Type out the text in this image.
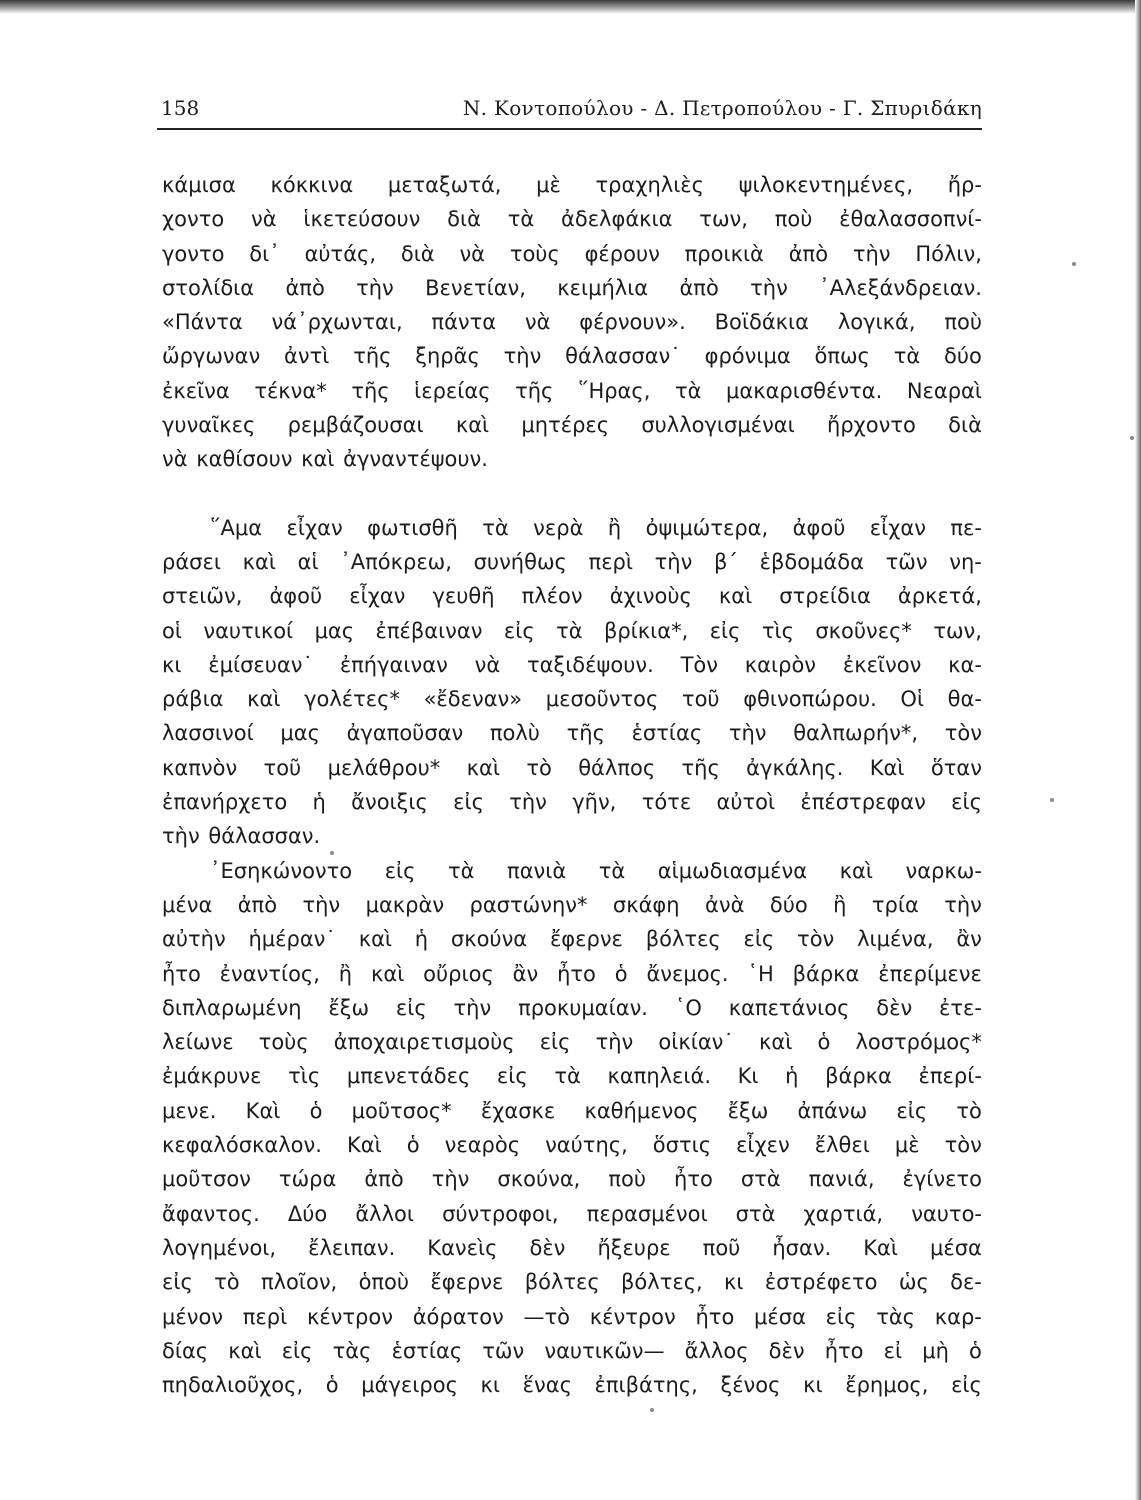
158	Ν. Κοντοπούλου - Δ. Πετροπούλου - Γ. Σπυριδάκη
κάμισα κόκκινα μεταξωτά, μὲ τραχηλιὲς ψιλοκεντημένες, ἤρ-
χοντο νὰ ἱκετεύσουν διὰ τὰ ἀδελφάκια των, ποὺ ἐθαλασσοπνί-
γοντο δι᾿ αὐτάς, διὰ νὰ τοὺς φέρουν προικιὰ ἀπὸ τὴν Πόλιν,
στολίδια ἀπὸ τὴν Βενετίαν, κειμήλια ἀπὸ τὴν ᾿Αλεξάνδρειαν.
«Πάντα νά᾿ρχωνται, πάντα νὰ φέρνουν». Βοϊδάκια λογικά, ποὺ
ὤργωναν ἀντὶ τῆς ξηρᾶς τὴν θάλασσαν˙ φρόνιμα ὅπως τὰ δύο
ἐκεῖνα τέκνα* τῆς ἱερείας τῆς ῞Ηρας, τὰ μακαρισθέντα. Νεαραὶ
γυναῖκες ρεμβάζουσαι καὶ μητέρες συλλογισμέναι ἤρχοντο διὰ
νὰ καθίσουν καὶ ἀγναντέψουν.
῞Αμα εἶχαν φωτισθῆ τὰ νερὰ ἢ ὀψιμώτερα, ἀφοῦ εἶχαν πε-
ράσει καὶ αἱ ᾿Απόκρεω, συνήθως περὶ τὴν β´ ἑβδομάδα τῶν νη-
στειῶν, ἀφοῦ εἶχαν γευθῆ πλέον ἀχινοὺς καὶ στρείδια ἀρκετά,
οἱ ναυτικοί μας ἐπέβαιναν εἰς τὰ βρίκια*, εἰς τὶς σκοῦνες* των,
κι ἐμίσευαν˙ ἐπήγαιναν νὰ ταξιδέψουν. Τὸν καιρὸν ἐκεῖνον κα-
ράβια καὶ γολέτες* «ἔδεναν» μεσοῦντος τοῦ φθινοπώρου. Οἱ θα-
λασσινοί μας ἀγαποῦσαν πολὺ τῆς ἑστίας τὴν θαλπωρήν*, τὸν
καπνὸν τοῦ μελάθρου* καὶ τὸ θάλπος τῆς ἀγκάλης. Καὶ ὅταν
ἐπανήρχετο ἡ ἄνοιξις εἰς τὴν γῆν, τότε αὐτοὶ ἐπέστρεφαν εἰς
τὴν θάλασσαν.
᾿Εσηκώνοντο εἰς τὰ πανιὰ τὰ αἱμωδιασμένα καὶ ναρκω-
μένα ἀπὸ τὴν μακρὰν ραστώνην* σκάφη ἀνὰ δύο ἢ τρία τὴν
αὐτὴν ἡμέραν˙ καὶ ἡ σκούνα ἔφερνε βόλτες εἰς τὸν λιμένα, ἂν
ἦτο ἐναντίος, ἢ καὶ οὔριος ἂν ἦτο ὁ ἄνεμος. ῾Η βάρκα ἐπερίμενε
διπλαρωμένη ἔξω εἰς τὴν προκυμαίαν. ῾Ο καπετάνιος δὲν ἐτε-
λείωνε τοὺς ἀποχαιρετισμοὺς εἰς τὴν οἰκίαν˙ καὶ ὁ λοστρόμος*
ἐμάκρυνε τὶς μπενετάδες εἰς τὰ καπηλειά. Κι ἡ βάρκα ἐπερί-
μενε. Καὶ ὁ μοῦτσος* ἔχασκε καθήμενος ἔξω ἀπάνω εἰς τὸ
κεφαλόσκαλον. Καὶ ὁ νεαρὸς ναύτης, ὅστις εἶχεν ἔλθει μὲ τὸν
μοῦτσον τώρα ἀπὸ τὴν σκούνα, ποὺ ἦτο στὰ πανιά, ἐγίνετο
ἄφαντος. Δύο ἄλλοι σύντροφοι, περασμένοι στὰ χαρτιά, ναυτο-
λογημένοι, ἔλειπαν. Κανεὶς δὲν ἤξευρε ποῦ ἦσαν. Καὶ μέσα
εἰς τὸ πλοῖον, ὁποὺ ἔφερνε βόλτες βόλτες, κι ἐστρέφετο ὡς δε-
μένον περὶ κέντρον ἀόρατον —τὸ κέντρον ἦτο μέσα εἰς τὰς καρ-
δίας καὶ εἰς τὰς ἑστίας τῶν ναυτικῶν— ἄλλος δὲν ἦτο εἰ μὴ ὁ
πηδαλιοῦχος, ὁ μάγειρος κι ἕνας ἐπιβάτης, ξένος κι ἔρημος, εἰς
